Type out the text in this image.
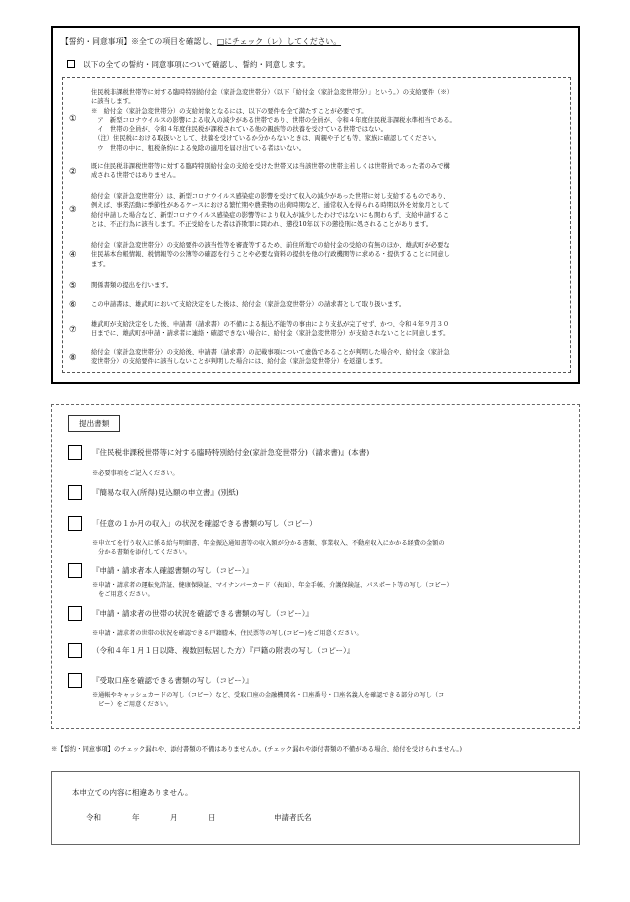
【誓約・同意事項】※全ての項目を確認し、□にチェック（レ）してください。
以下の全ての誓約・同意事項について確認し、誓約・同意します。
①

住民税非課税世帯等に対する臨時特別給付金（家計急変世帯分）（以下「給付金（家計急変世帯分）」という。）の支給要件（※）

に該当します。

※　給付金（家計急変世帯分）の支給対象となるには、以下の要件を全て満たすことが必要です。

　ア　新型コロナウイルスの影響による収入の減少がある世帯であり、世帯の全員が、令和４年度住民税非課税水準相当である。

　イ　世帯の全員が、令和４年度住民税が課税されている他の親族等の扶養を受けている世帯ではない。

　（注）住民税における取扱いとして、扶養を受けているか分からないときは、両親や子ども等、家族に確認してください。

　ウ　世帯の中に、租税条約による免除の適用を届け出ている者はいない。

②

既に住民税非課税世帯等に対する臨時特別給付金の支給を受けた世帯又は当該世帯の世帯主若しくは世帯員であった者のみで構

成される世帯ではありません。

③

給付金（家計急変世帯分）は、新型コロナウイルス感染症の影響を受けて収入の減少があった世帯に対し支給するものであり、

例えば、事業活動に季節性があるケースにおける繁忙期や農業物の出荷時期など、通常収入を得られる時期以外を対象月として

給付申請した場合など、新型コロナウイルス感染症の影響等により収入が減少したわけではないにも関わらず、支給申請するこ

とは、不正行為に該当します。不正受給をした者は詐欺罪に問われ、懲役10年以下の懲役刑に処されることがあります。

④

給付金（家計急変世帯分）の支給要件の該当性等を審査等するため、前住所地での給付金の受給の有無のほか、雄武町が必要な

住民基本台帳情報、税情報等の公簿等の確認を行うことや必要な資料の提供を他の行政機関等に求める・提供することに同意し

ます。

⑤ 関係書類の提出を行います。

⑥ この申請書は、雄武町において支給決定をした後は、給付金（家計急変世帯分）の請求書として取り扱います。

⑦

雄武町が支給決定をした後、申請書（請求書）の不備による振込不能等の事由により支払が完了せず、かつ、令和４年９月３０

日までに、雄武町が申請・請求者に連絡・確認できない場合に、給付金（家計急変世帯分）が支給されないことに同意します。

⑧

給付金（家計急変世帯分）の支給後、申請書（請求書）の記載事項について虚偽であることが判明した場合や、給付金（家計急

変世帯分）の支給要件に該当しないことが判明した場合には、給付金（家計急変世帯分）を返還します。

提出書類
『住民税非課税世帯等に対する臨時特別給付金(家計急変世帯分)（請求書)』(本書)
※必要事項をご記入ください。
『簡易な収入(所得)見込額の申立書』(別紙)
「任意の１か月の収入」の状況を確認できる書類の写し（コピー）
※申立てを行う収入に係る給与明細書、年金振込通知書等の収入額が分かる書類、事業収入、不動産収入にかかる経費の金額の
　分かる書類を添付してください。
『申請・請求者本人確認書類の写し（コピー）』
※申請・請求者の運転免許証、健康保険証、マイナンバーカード（表面）、年金手帳、介護保険証、パスポート等の写し（コピー）
　をご用意ください。
『申請・請求者の世帯の状況を確認できる書類の写し（コピー）』
※申請・請求者の世帯の状況を確認できる戸籍謄本、住民票等の写し(コピー)をご用意ください。
（令和４年１月１日以降、複数回転居した方）『戸籍の附表の写し（コピー）』
『受取口座を確認できる書類の写し（コピー）』
※通帳やキャッシュカードの写し（コピー）など、受取口座の金融機関名・口座番号・口座名義人を確認できる部分の写し（コ
　ピー）をご用意ください。
※【誓約・同意事項】のチェック漏れや、添付書類の不備はありませんか。(チェック漏れや添付書類の不備がある場合、給付を受けられません。)
本申立ての内容に相違ありません。
令和	年	月	日	申請者氏名
